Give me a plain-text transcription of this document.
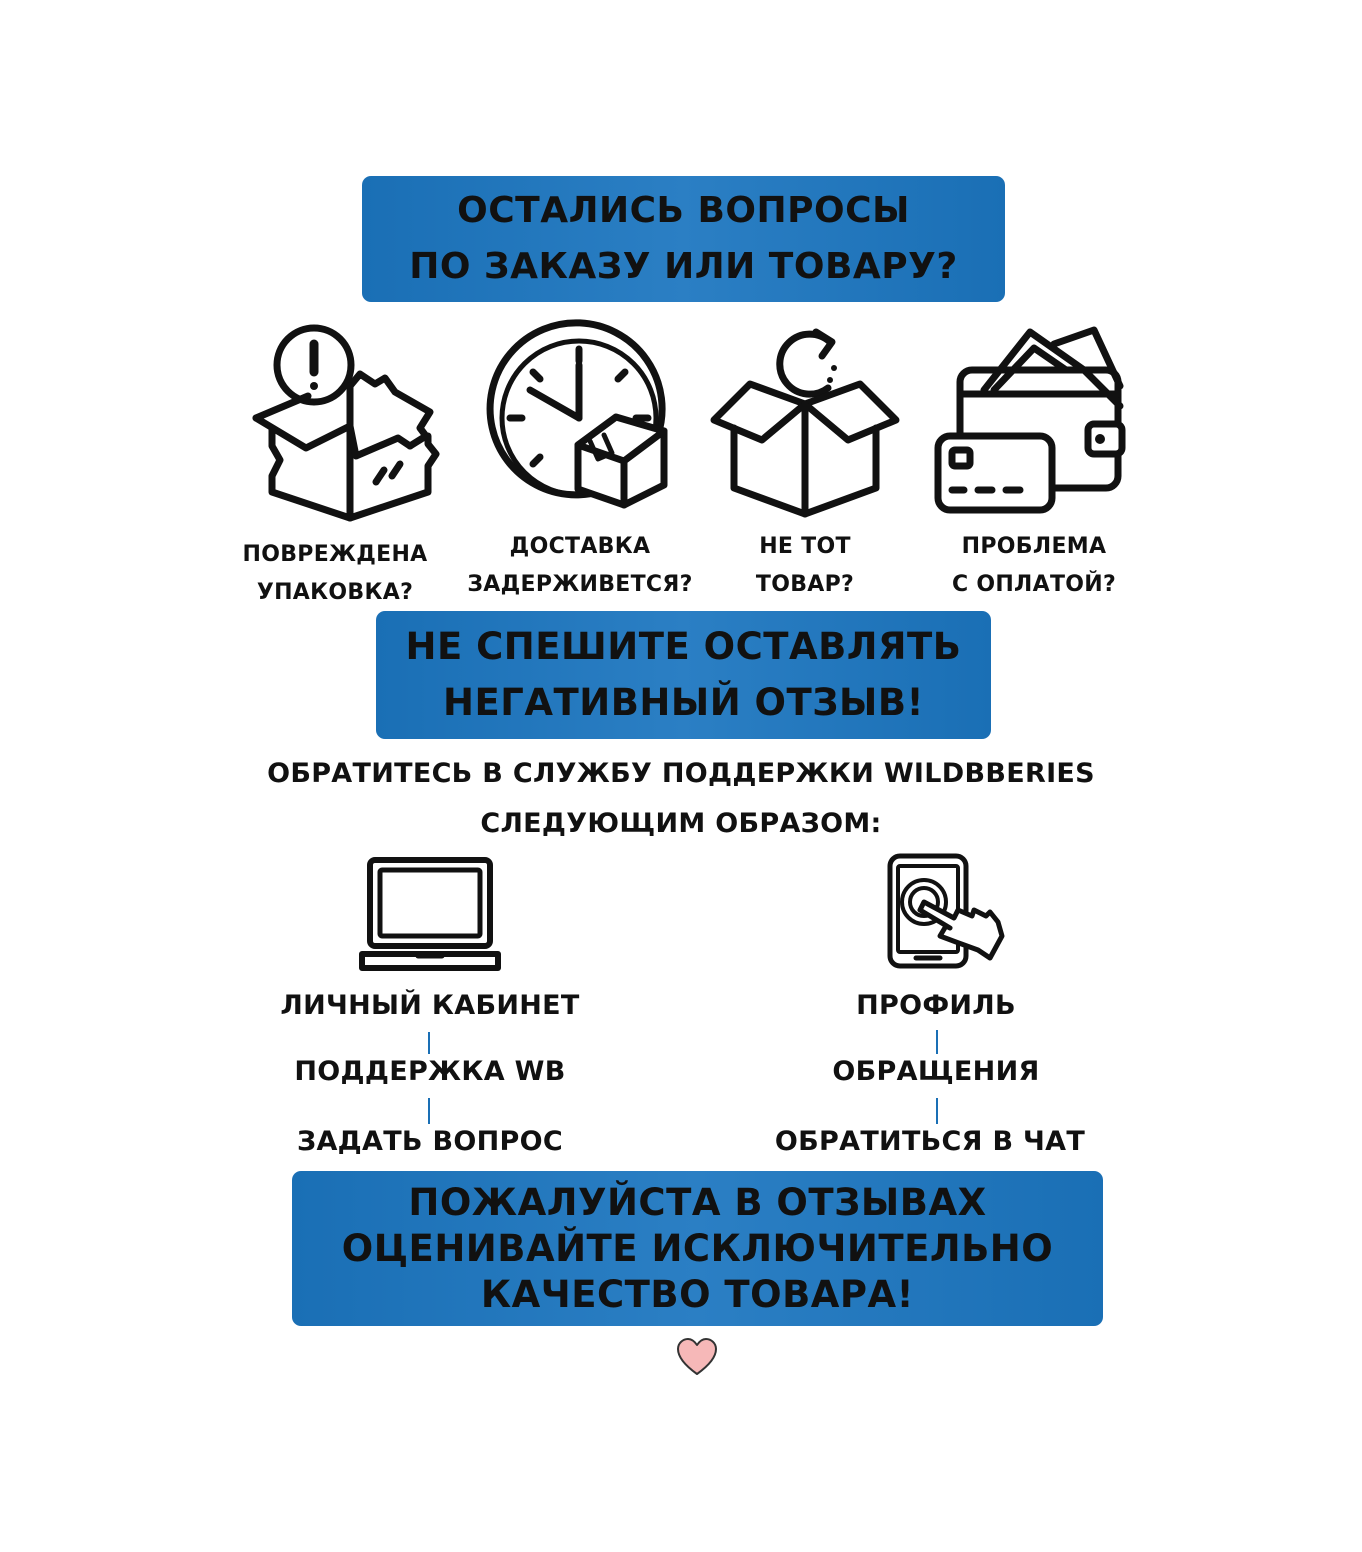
ОСТАЛИСЬ ВОПРОСЫ
ПО ЗАКАЗУ ИЛИ ТОВАРУ?
ПОВРЕЖДЕНА
УПАКОВКА?
ДОСТАВКА
ЗАДЕРЖИВЕТСЯ?
НЕ ТОТ
ТОВАР?
ПРОБЛЕМА
С ОПЛАТОЙ?
НЕ СПЕШИТЕ ОСТАВЛЯТЬ
НЕГАТИВНЫЙ ОТЗЫВ!
ОБРАТИТЕСЬ В СЛУЖБУ ПОДДЕРЖКИ WILDBBERIES
СЛЕДУЮЩИМ ОБРАЗОМ:
ЛИЧНЫЙ КАБИНЕТ
ПОДДЕРЖКА WB
ЗАДАТЬ ВОПРОС
ПРОФИЛЬ
ОБРАЩЕНИЯ
ОБРАТИТЬСЯ В ЧАТ
ПОЖАЛУЙСТА В ОТЗЫВАХ
ОЦЕНИВАЙТЕ ИСКЛЮЧИТЕЛЬНО
КАЧЕСТВО ТОВАРА!
